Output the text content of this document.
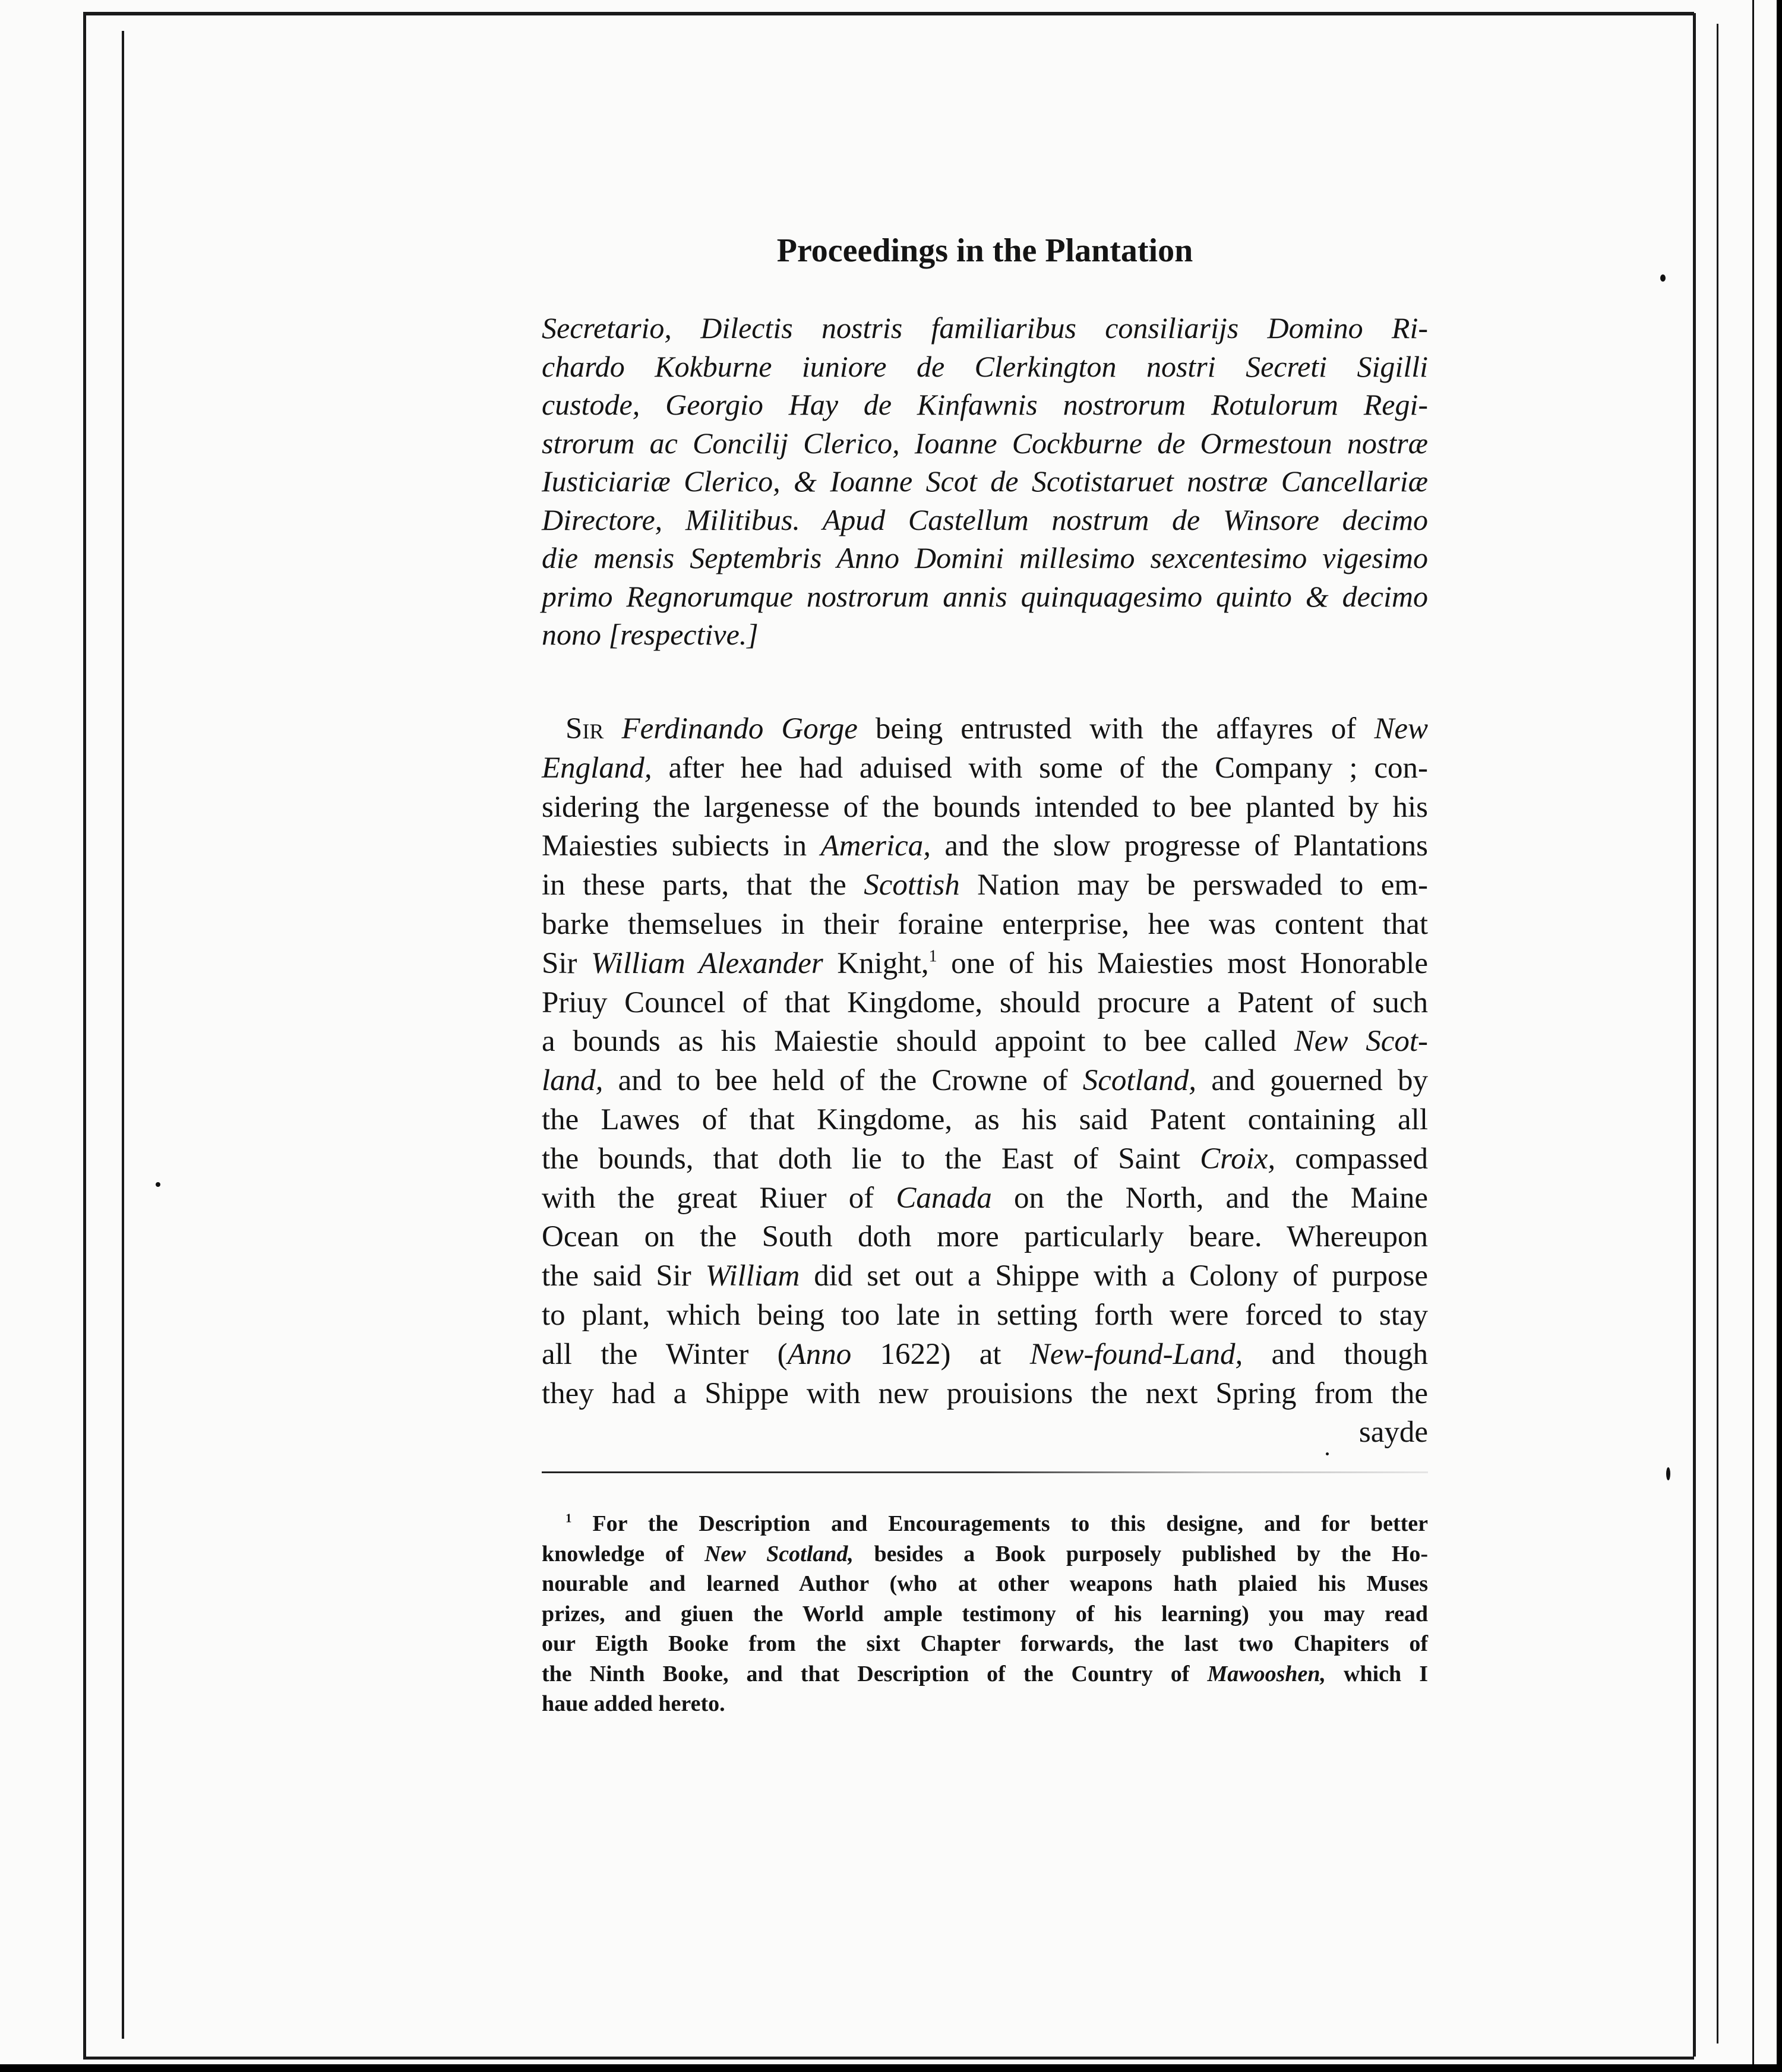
Proceedings in the Plantation
Secretario, Dilectis nostris familiaribus consiliarijs Domino Ri-
chardo Kokburne iuniore de Clerkington nostri Secreti Sigilli
custode, Georgio Hay de Kinfawnis nostrorum Rotulorum Regi-
strorum ac Concilij Clerico, Ioanne Cockburne de Ormestoun nostræ
Iusticiariæ Clerico, & Ioanne Scot de Scotistaruet nostræ Cancellariæ
Directore, Militibus. Apud Castellum nostrum de Winsore decimo
die mensis Septembris Anno Domini millesimo sexcentesimo vigesimo
primo Regnorumque nostrorum annis quinquagesimo quinto & decimo
nono [respective.]
Sir Ferdinando Gorge being entrusted with the affayres of New
England, after hee had aduised with some of the Company ; con-
sidering the largenesse of the bounds intended to bee planted by his
Maiesties subiects in America, and the slow progresse of Plantations
in these parts, that the Scottish Nation may be perswaded to em-
barke themselues in their foraine enterprise, hee was content that
Sir William Alexander Knight,$^1$ one of his Maiesties most Honorable
Priuy Councel of that Kingdome, should procure a Patent of such
a bounds as his Maiestie should appoint to bee called New Scot-
land, and to bee held of the Crowne of Scotland, and gouerned by
the Lawes of that Kingdome, as his said Patent containing all
the bounds, that doth lie to the East of Saint Croix, compassed
with the great Riuer of Canada on the North, and the Maine
Ocean on the South doth more particularly beare. Whereupon
the said Sir William did set out a Shippe with a Colony of purpose
to plant, which being too late in setting forth were forced to stay
all the Winter (Anno 1622) at New-found-Land, and though
they had a Shippe with new prouisions the next Spring from the
sayde
$^1$ For the Description and Encouragements to this designe, and for better
knowledge of New Scotland, besides a Book purposely published by the Ho-
nourable and learned Author (who at other weapons hath plaied his Muses
prizes, and giuen the World ample testimony of his learning) you may read
our Eigth Booke from the sixt Chapter forwards, the last two Chapiters of
the Ninth Booke, and that Description of the Country of Mawooshen, which I
haue added hereto.
